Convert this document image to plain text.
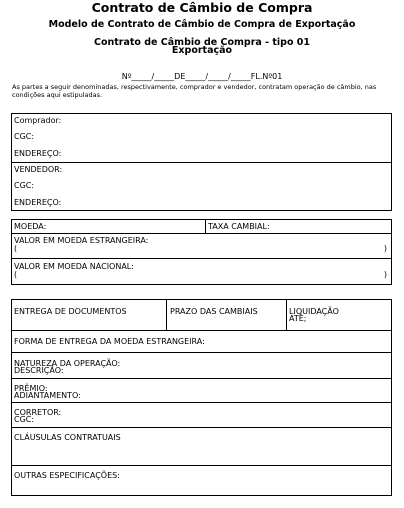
Contrato de Câmbio de Compra
Modelo de Contrato de Câmbio de Compra de Exportação
Contrato de Câmbio de Compra - tipo 01
Exportação
Nº_____/_____DE_____/_____/_____FL.Nº01
As partes a seguir denominadas, respectivamente, comprador e vendedor, contratam operação de câmbio, nas condições aqui estipuladas.
Comprador:
CGC:
ENDEREÇO:
VENDEDOR:
CGC:
ENDEREÇO:
MOEDA:	TAXA CAMBIAL:
VALOR EM MOEDA ESTRANGEIRA:
(	)
VALOR EM MOEDA NACIONAL:
(	)
ENTREGA DE DOCUMENTOS	PRAZO DAS CAMBIAIS	LIQUIDAÇÃO
ATÉ;
FORMA DE ENTREGA DA MOEDA ESTRANGEIRA:
NATUREZA DA OPERAÇÃO:
DESCRIÇÃO:
PRÊMIO:
ADIANTAMENTO:
CORRETOR:
CGC:
CLÁUSULAS CONTRATUAIS
OUTRAS ESPECIFICAÇÕES:
